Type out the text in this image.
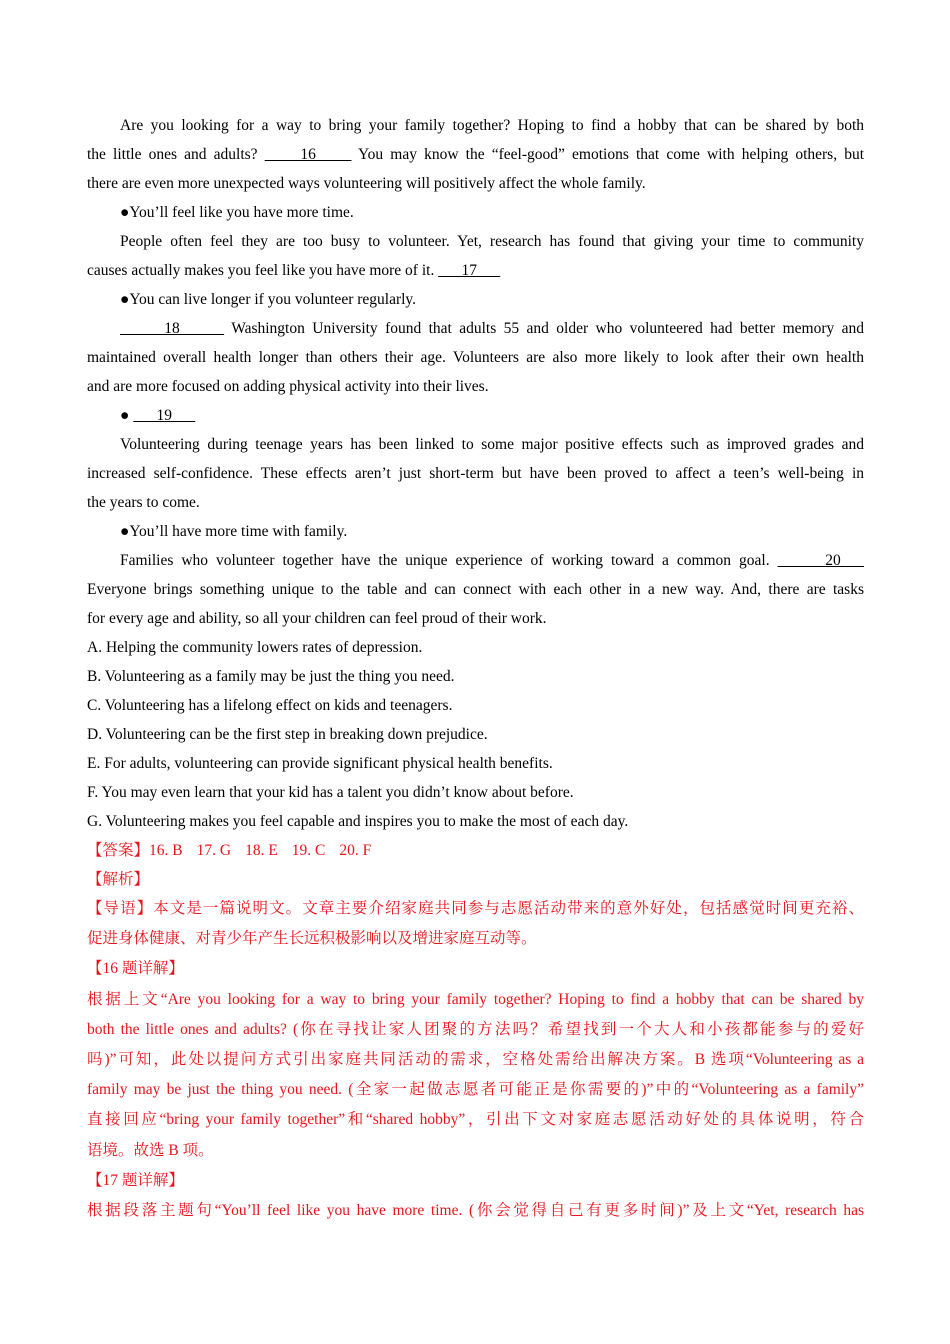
Are you looking for a way to bring your family together? Hoping to find a hobby that can be shared by both
the little ones and adults?      16      You may know the “feel-good” emotions that come with helping others, but
there are even more unexpected ways volunteering will positively affect the whole family.
●You’ll feel like you have more time.
People often feel they are too busy to volunteer. Yet, research has found that giving your time to community
causes actually makes you feel like you have more of it.       17
●You can live longer if you volunteer regularly.
18       Washington University found that adults 55 and older who volunteered had better memory and
maintained overall health longer than others their age. Volunteers are also more likely to look after their own health
and are more focused on adding physical activity into their lives.
●       19
Volunteering during teenage years has been linked to some major positive effects such as improved grades and
increased self-confidence. These effects aren’t just short-term but have been proved to affect a teen’s well-being in
the years to come.
●You’ll have more time with family.
Families who volunteer together have the unique experience of working toward a common goal.       20
Everyone brings something unique to the table and can connect with each other in a new way. And, there are tasks
for every age and ability, so all your children can feel proud of their work.
A. Helping the community lowers rates of depression.
B. Volunteering as a family may be just the thing you need.
C. Volunteering has a lifelong effect on kids and teenagers.
D. Volunteering can be the first step in breaking down prejudice.
E. For adults, volunteering can provide significant physical health benefits.
F. You may even learn that your kid has a talent you didn’t know about before.
G. Volunteering makes you feel capable and inspires you to make the most of each day.
【答案】16. B 17. G 18. E 19. C 20. F
【解析】
【导语】本文是一篇说明文。文章主要介绍家庭共同参与志愿活动带来的意外好处，包括感觉时间更充裕、
促进身体健康、对青少年产生长远积极影响以及增进家庭互动等。
【16 题详解】
根据上文“Are you looking for a way to bring your family together? Hoping to find a hobby that can be shared by
both the little ones and adults? (你在寻找让家人团聚的方法吗？希望找到一个大人和小孩都能参与的爱好
吗)”可知，此处以提问方式引出家庭共同活动的需求，空格处需给出解决方案。B 选项“Volunteering as a
family may be just the thing you need. (全家一起做志愿者可能正是你需要的)”中的“Volunteering as a family”
直接回应“bring your family together”和“shared hobby”，引出下文对家庭志愿活动好处的具体说明，符合
语境。故选 B 项。
【17 题详解】
根据段落主题句“You’ll feel like you have more time. (你会觉得自己有更多时间)”及上文“Yet, research has
